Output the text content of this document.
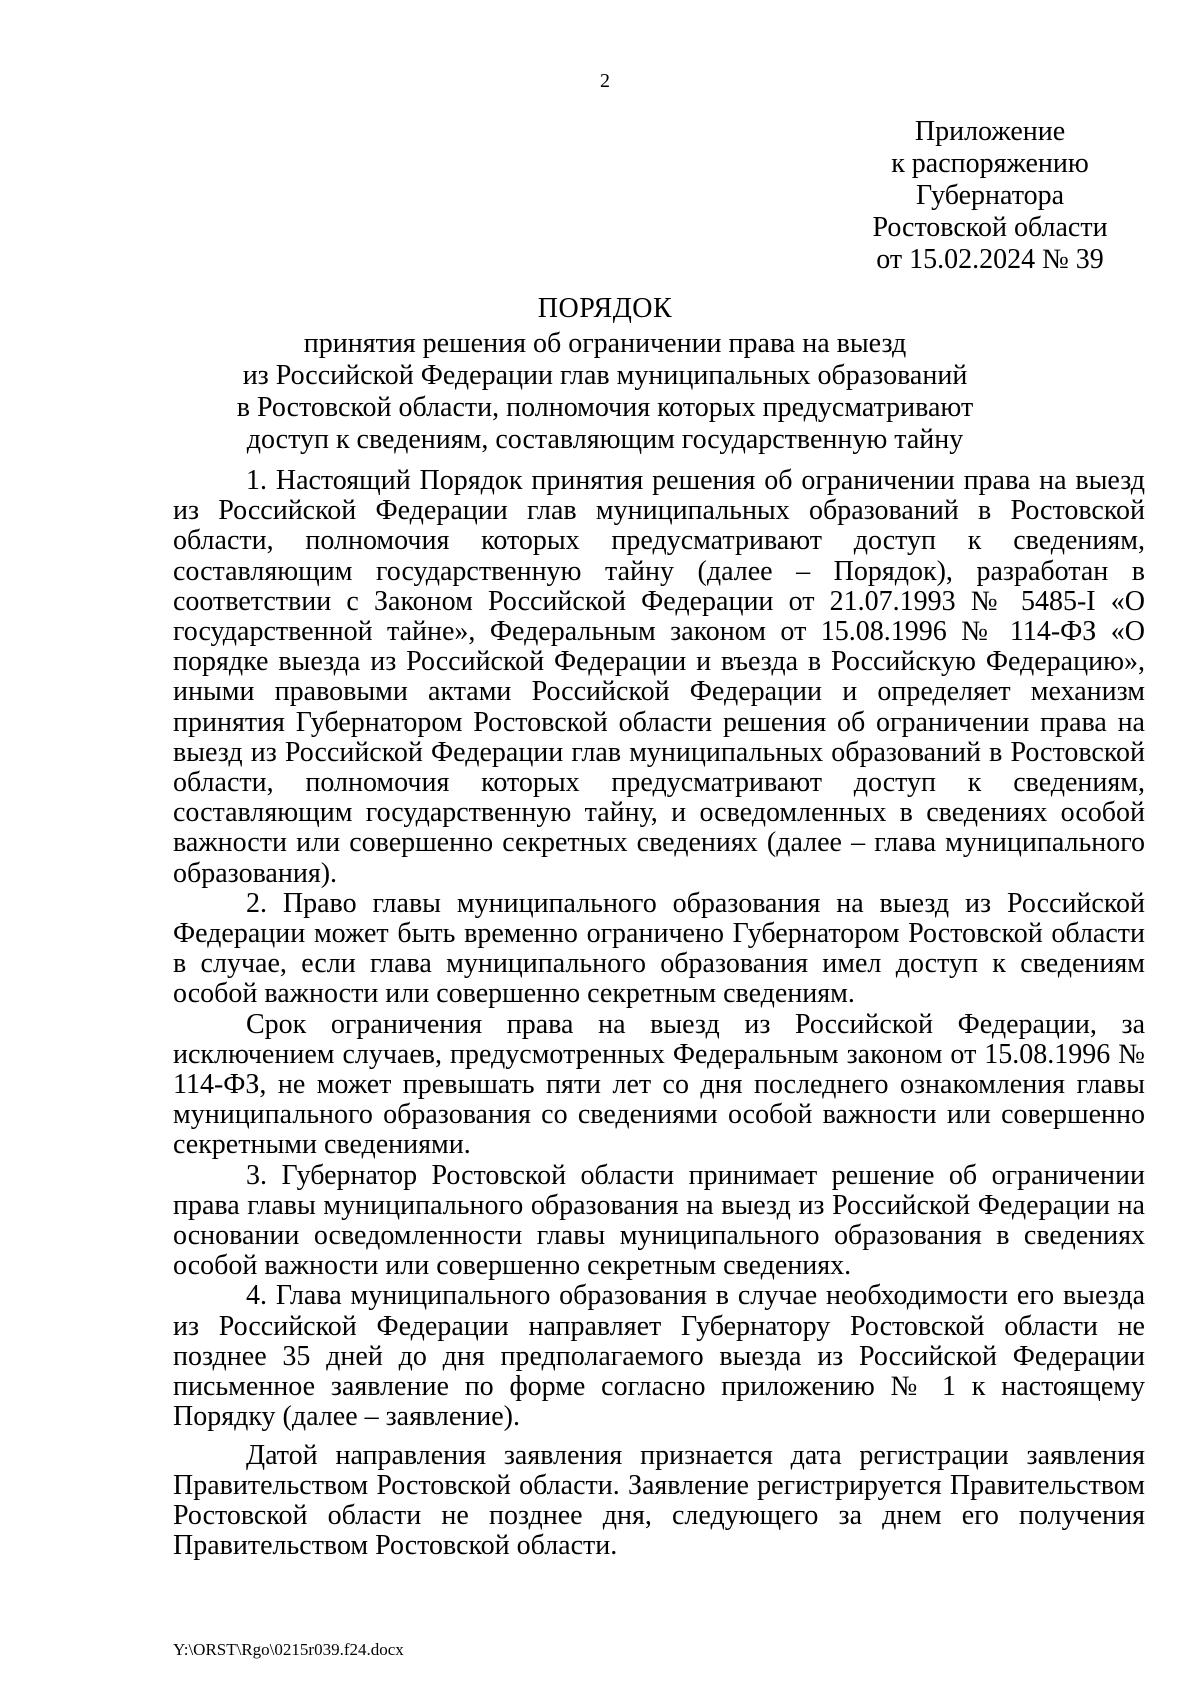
2
Приложение
к распоряжению
Губернатора
Ростовской области
от 15.02.2024 № 39
ПОРЯДОК
принятия решения об ограничении права на выезд
из Российской Федерации глав муниципальных образований
в Ростовской области, полномочия которых предусматривают
доступ к сведениям, составляющим государственную тайну

1. Настоящий Порядок принятия решения об ограничении права на выезд из Российской Федерации глав муниципальных образований в Ростовской области, полномочия которых предусматривают доступ к сведениям, составляющим государственную тайну (далее – Порядок), разработан в соответствии с Законом Российской Федерации от 21.07.1993 № 5485-I «О государственной тайне», Федеральным законом от 15.08.1996 № 114-ФЗ «О порядке выезда из Российской Федерации и въезда в Российскую Федерацию», иными правовыми актами Российской Федерации и определяет механизм принятия Губернатором Ростовской области решения об ограничении права на выезд из Российской Федерации глав муниципальных образований в Ростовской области, полномочия которых предусматривают доступ к сведениям, составляющим государственную тайну, и осведомленных в сведениях особой важности или совершенно секретных сведениях (далее – глава муниципального образования).

2. Право главы муниципального образования на выезд из Российской Федерации может быть временно ограничено Губернатором Ростовской области в случае, если глава муниципального образования имел доступ к сведениям особой важности или совершенно секретным сведениям.

Срок ограничения права на выезд из Российской Федерации, за исключением случаев, предусмотренных Федеральным законом от 15.08.1996 № 114-ФЗ, не может превышать пяти лет со дня последнего ознакомления главы муниципального образования со сведениями особой важности или совершенно секретными сведениями.

3. Губернатор Ростовской области принимает решение об ограничении права главы муниципального образования на выезд из Российской Федерации на основании осведомленности главы муниципального образования в сведениях особой важности или совершенно секретным сведениях.

4. Глава муниципального образования в случае необходимости его выезда из Российской Федерации направляет Губернатору Ростовской области не позднее 35 дней до дня предполагаемого выезда из Российской Федерации письменное заявление по форме согласно приложению № 1 к настоящему Порядку (далее – заявление).

Датой направления заявления признается дата регистрации заявления Правительством Ростовской области. Заявление регистрируется Правительством Ростовской области не позднее дня, следующего за днем его получения Правительством Ростовской области.

Y:\ORST\Rgo\0215r039.f24.docx
